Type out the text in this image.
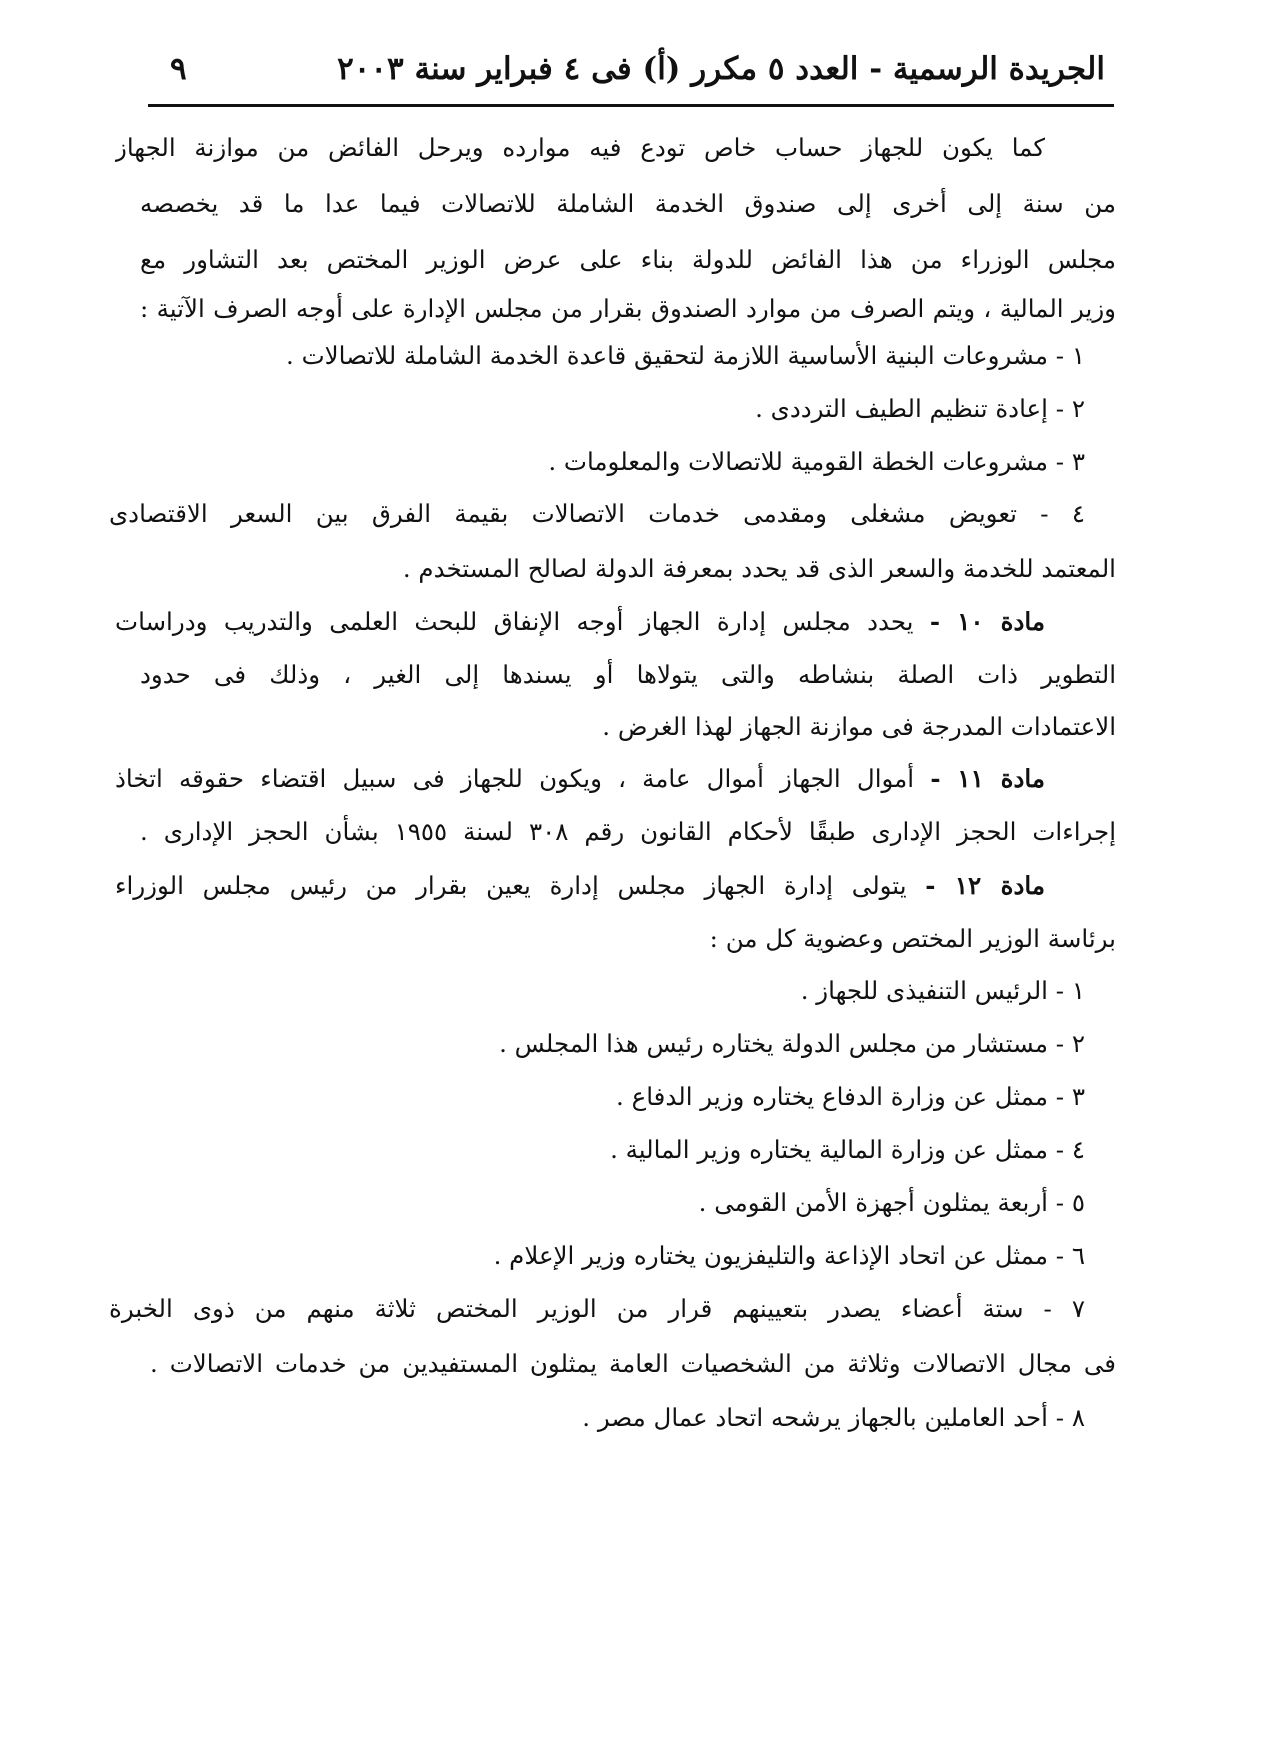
الجريدة الرسمية - العدد ٥ مكرر (أ) فى ٤ فبراير سنة ٢٠٠٣
٩
كما يكون للجهاز حساب خاص تودع فيه موارده ويرحل الفائض من موازنة الجهاز
من سنة إلى أخرى إلى صندوق الخدمة الشاملة للاتصالات فيما عدا ما قد يخصصه
مجلس الوزراء من هذا الفائض للدولة بناء على عرض الوزير المختص بعد التشاور مع
وزير المالية ، ويتم الصرف من موارد الصندوق بقرار من مجلس الإدارة على أوجه الصرف الآتية :
١ - مشروعات البنية الأساسية اللازمة لتحقيق قاعدة الخدمة الشاملة للاتصالات .
٢ - إعادة تنظيم الطيف الترددى .
٣ - مشروعات الخطة القومية للاتصالات والمعلومات .
٤ - تعويض مشغلى ومقدمى خدمات الاتصالات بقيمة الفرق بين السعر الاقتصادى
المعتمد للخدمة والسعر الذى قد يحدد بمعرفة الدولة لصالح المستخدم .
مادة ١٠ - يحدد مجلس إدارة الجهاز أوجه الإنفاق للبحث العلمى والتدريب ودراسات
التطوير ذات الصلة بنشاطه والتى يتولاها أو يسندها إلى الغير ، وذلك فى حدود
الاعتمادات المدرجة فى موازنة الجهاز لهذا الغرض .
مادة ١١ - أموال الجهاز أموال عامة ، ويكون للجهاز فى سبيل اقتضاء حقوقه اتخاذ
إجراءات الحجز الإدارى طبقًا لأحكام القانون رقم ٣٠٨ لسنة ١٩٥٥ بشأن الحجز الإدارى .
مادة ١٢ - يتولى إدارة الجهاز مجلس إدارة يعين بقرار من رئيس مجلس الوزراء
برئاسة الوزير المختص وعضوية كل من :
١ - الرئيس التنفيذى للجهاز .
٢ - مستشار من مجلس الدولة يختاره رئيس هذا المجلس .
٣ - ممثل عن وزارة الدفاع يختاره وزير الدفاع .
٤ - ممثل عن وزارة المالية يختاره وزير المالية .
٥ - أربعة يمثلون أجهزة الأمن القومى .
٦ - ممثل عن اتحاد الإذاعة والتليفزيون يختاره وزير الإعلام .
٧ - ستة أعضاء يصدر بتعيينهم قرار من الوزير المختص ثلاثة منهم من ذوى الخبرة
فى مجال الاتصالات وثلاثة من الشخصيات العامة يمثلون المستفيدين من خدمات الاتصالات .
٨ - أحد العاملين بالجهاز يرشحه اتحاد عمال مصر .
